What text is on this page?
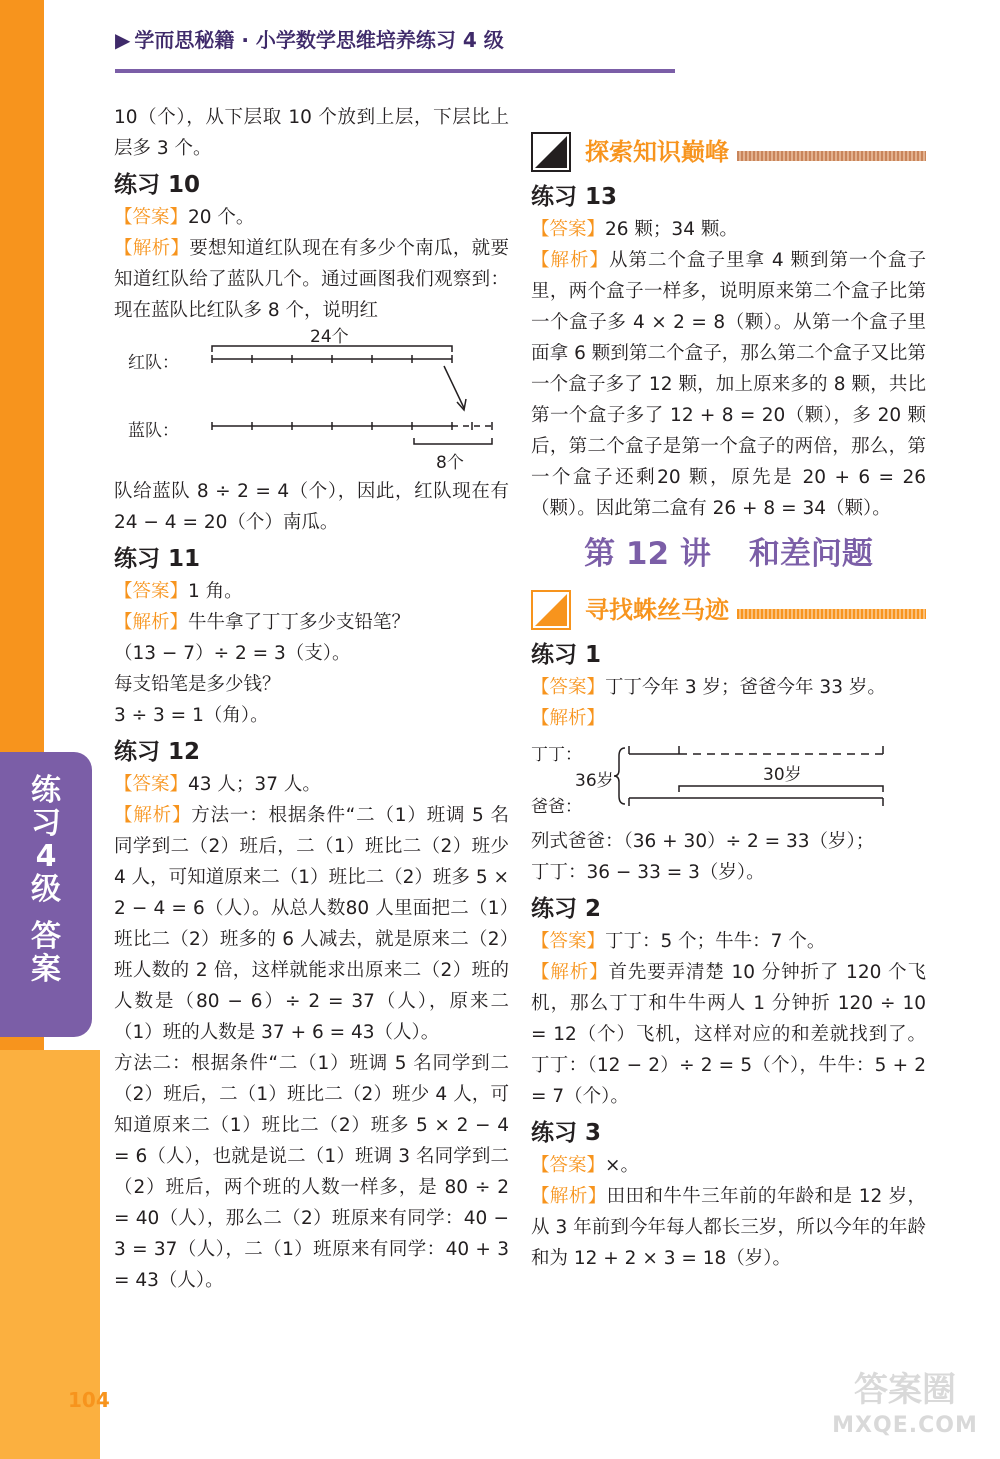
练
习
4
级
答
案
▶ 学而思秘籍 · 小学数学思维培养练习 4 级

10（个），从下层取 10 个放到上层，下层比上层多 3 个。

练习 10

【答案】20 个。

【解析】要想知道红队现在有多少个南瓜，就要知道红队给了蓝队几个。通过画图我们观察到：现在蓝队比红队多 8 个，说明红

红队：
蓝队：
24个
8个

队给蓝队 8 ÷ 2 = 4（个），因此，红队现在有 24 − 4 = 20（个）南瓜。

练习 11

【答案】1 角。

【解析】牛牛拿了丁丁多少支铅笔？

（13 − 7）÷ 2 = 3（支）。

每支铅笔是多少钱？

3 ÷ 3 = 1（角）。

练习 12

【答案】43 人；37 人。

【解析】方法一：根据条件“二（1）班调 5 名同学到二（2）班后，二（1）班比二（2）班少 4 人，可知道原来二（1）班比二（2）班多 5 × 2 − 4 = 6（人）。从总人数80 人里面把二（1）班比二（2）班多的 6 人减去，就是原来二（2）班人数的 2 倍，这样就能求出原来二（2）班的人数是（80 − 6）÷ 2 = 37（人），原来二（1）班的人数是 37 + 6 = 43（人）。

方法二：根据条件“二（1）班调 5 名同学到二（2）班后，二（1）班比二（2）班少 4 人，可知道原来二（1）班比二（2）班多 5 × 2 − 4 = 6（人），也就是说二（1）班调 3 名同学到二（2）班后，两个班的人数一样多，是 80 ÷ 2 = 40（人），那么二（2）班原来有同学：40 − 3 = 37（人），二（1）班原来有同学：40 + 3 = 43（人）。

探索知识巅峰
练习 13

【答案】26 颗；34 颗。

【解析】从第二个盒子里拿 4 颗到第一个盒子里，两个盒子一样多，说明原来第二个盒子比第一个盒子多 4 × 2 = 8（颗）。从第一个盒子里面拿 6 颗到第二个盒子，那么第二个盒子又比第一个盒子多了 12 颗，加上原来多的 8 颗，共比第一个盒子多了 12 + 8 = 20（颗），多 20 颗后，第二个盒子是第一个盒子的两倍，那么，第一个盒子还剩20 颗，原先是 20 + 6 = 26（颗）。因此第二盒有 26 + 8 = 34（颗）。

第 12 讲 和差问题
寻找蛛丝马迹
练习 1

【答案】丁丁今年 3 岁；爸爸今年 33 岁。

【解析】

丁丁：
爸爸：
36岁	30岁

列式爸爸：（36 + 30）÷ 2 = 33（岁）；

丁丁：36 − 33 = 3（岁）。

练习 2

【答案】丁丁：5 个；牛牛：7 个。

【解析】首先要弄清楚 10 分钟折了 120 个飞机，那么丁丁和牛牛两人 1 分钟折 120 ÷ 10 = 12（个）飞机，这样对应的和差就找到了。丁丁：（12 − 2）÷ 2 = 5（个），牛牛：5 + 2 = 7（个）。

练习 3

【答案】×。

【解析】田田和牛牛三年前的年龄和是 12 岁，从 3 年前到今年每人都长三岁，所以今年的年龄和为 12 + 2 × 3 = 18（岁）。

104	答案圈
MXQE.COM
